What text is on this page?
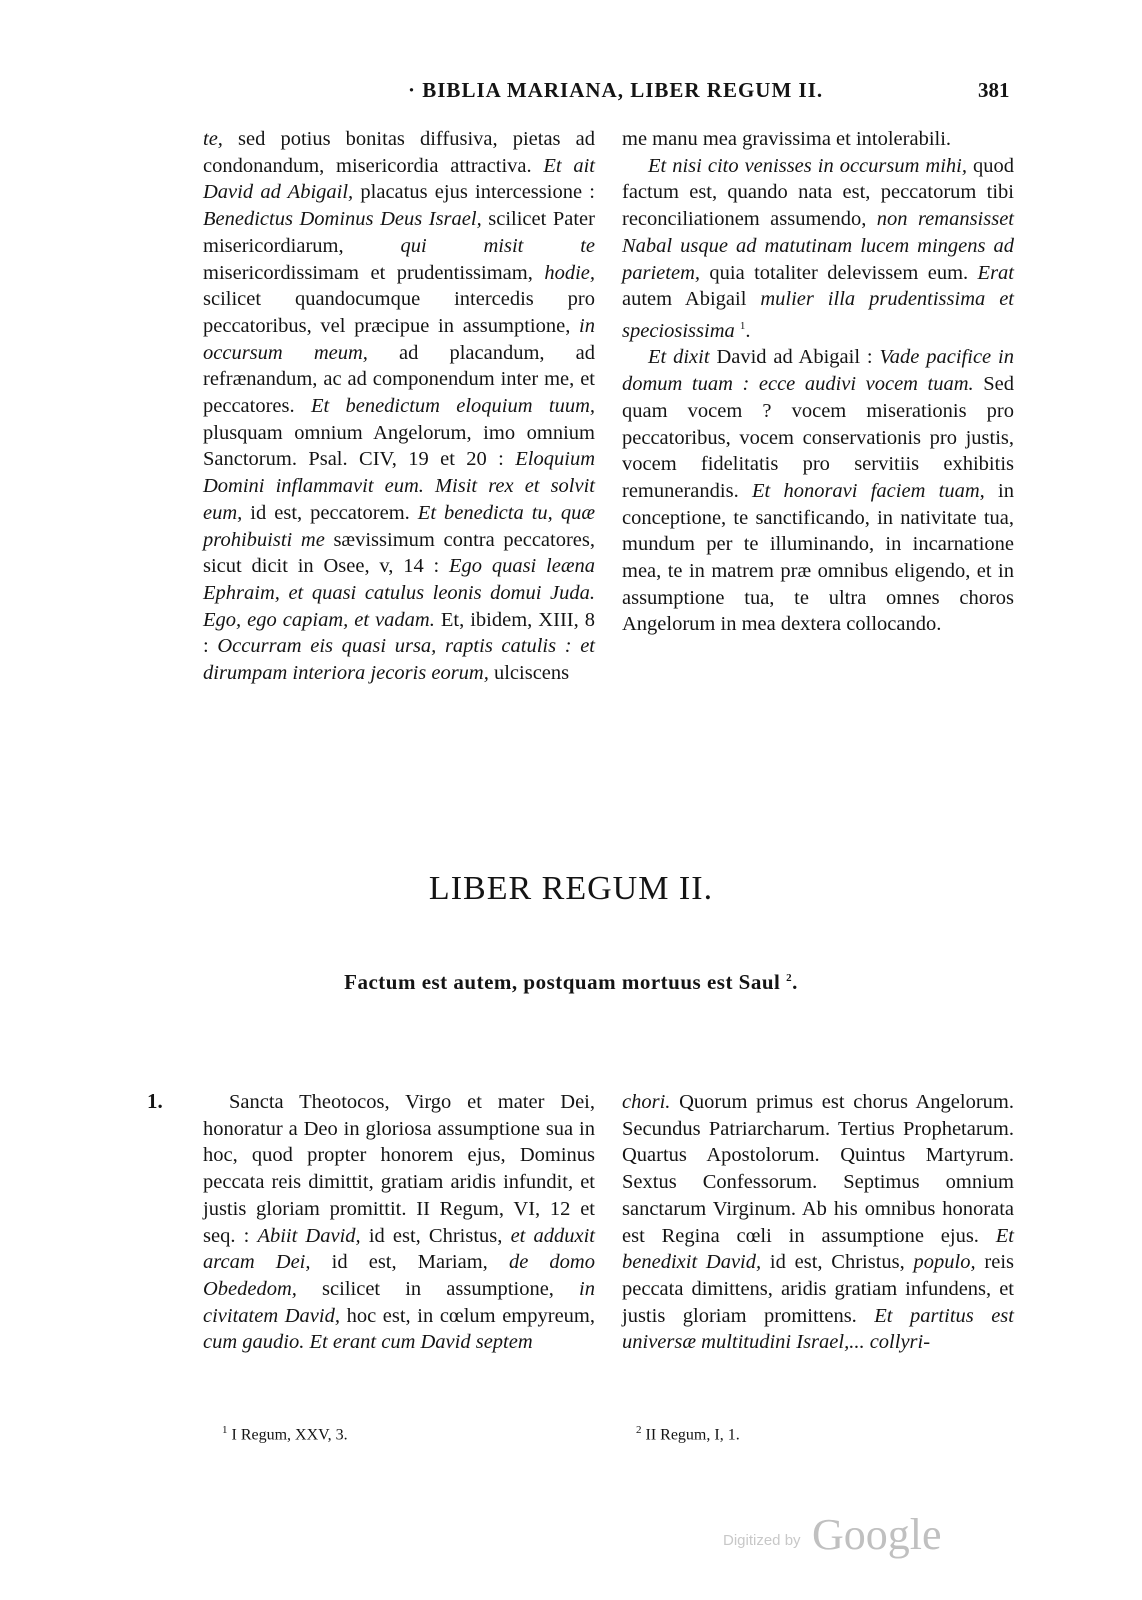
· BIBLIA MARIANA, LIBER REGUM II.	381

te, sed potius bonitas diffusiva, pietas ad condonandum, misericordia attractiva. Et ait David ad Abigail, placatus ejus intercessione : Benedictus Dominus Deus Israel, scilicet Pater misericordiarum, qui misit te misericordissimam et prudentissimam, hodie, scilicet quandocumque intercedis pro peccatoribus, vel præcipue in assumptione, in occursum meum, ad placandum, ad refrænandum, ac ad componendum inter me, et peccatores. Et benedictum eloquium tuum, plusquam omnium Angelorum, imo omnium Sanctorum. Psal. CIV, 19 et 20 : Eloquium Domini inflammavit eum. Misit rex et solvit eum, id est, peccatorem. Et benedicta tu, quæ prohibuisti me sævissimum contra peccatores, sicut dicit in Osee, v, 14 : Ego quasi leæna Ephraim, et quasi catulus leonis domui Juda. Ego, ego capiam, et vadam. Et, ibidem, XIII, 8 : Occurram eis quasi ursa, raptis catulis : et dirumpam interiora jecoris eorum, ulciscens

me manu mea gravissima et intolerabili.

Et nisi cito venisses in occursum mihi, quod factum est, quando nata est, peccatorum tibi reconciliationem assumendo, non remansisset Nabal usque ad matutinam lucem mingens ad parietem, quia totaliter delevissem eum. Erat autem Abigail mulier illa prudentissima et speciosissima $^1$.

Et dixit David ad Abigail : Vade pacifice in domum tuam : ecce audivi vocem tuam. Sed quam vocem ? vocem miserationis pro peccatoribus, vocem conservationis pro justis, vocem fidelitatis pro servitiis exhibitis remunerandis. Et honoravi faciem tuam, in conceptione, te sanctificando, in nativitate tua, mundum per te illuminando, in incarnatione mea, te in matrem præ omnibus eligendo, et in assumptione tua, te ultra omnes choros Angelorum in mea dextera collocando.

LIBER REGUM II.
Factum est autem, postquam mortuus est Saul $^2$.
1.	Sancta Theotocos, Virgo et mater Dei, honoratur a Deo in gloriosa assumptione sua in hoc, quod propter honorem ejus, Dominus peccata reis dimittit, gratiam aridis infundit, et justis gloriam promittit. II Regum, VI, 12 et seq. : Abiit David, id est, Christus, et adduxit arcam Dei, id est, Mariam, de domo Obededom, scilicet in assumptione, in civitatem David, hoc est, in cœlum empyreum, cum gaudio. Et erant cum David septem
chori. Quorum primus est chorus Angelorum. Secundus Patriarcharum. Tertius Prophetarum. Quartus Apostolorum. Quintus Martyrum. Sextus Confessorum. Septimus omnium sanctarum Virginum. Ab his omnibus honorata est Regina cœli in assumptione ejus. Et benedixit David, id est, Christus, populo, reis peccata dimittens, aridis gratiam infundens, et justis gloriam promittens. Et partitus est universæ multitudini Israel,... collyri-
$^1$ I Regum, XXV, 3.	$^2$ II Regum, I, 1.
Digitized by Google
